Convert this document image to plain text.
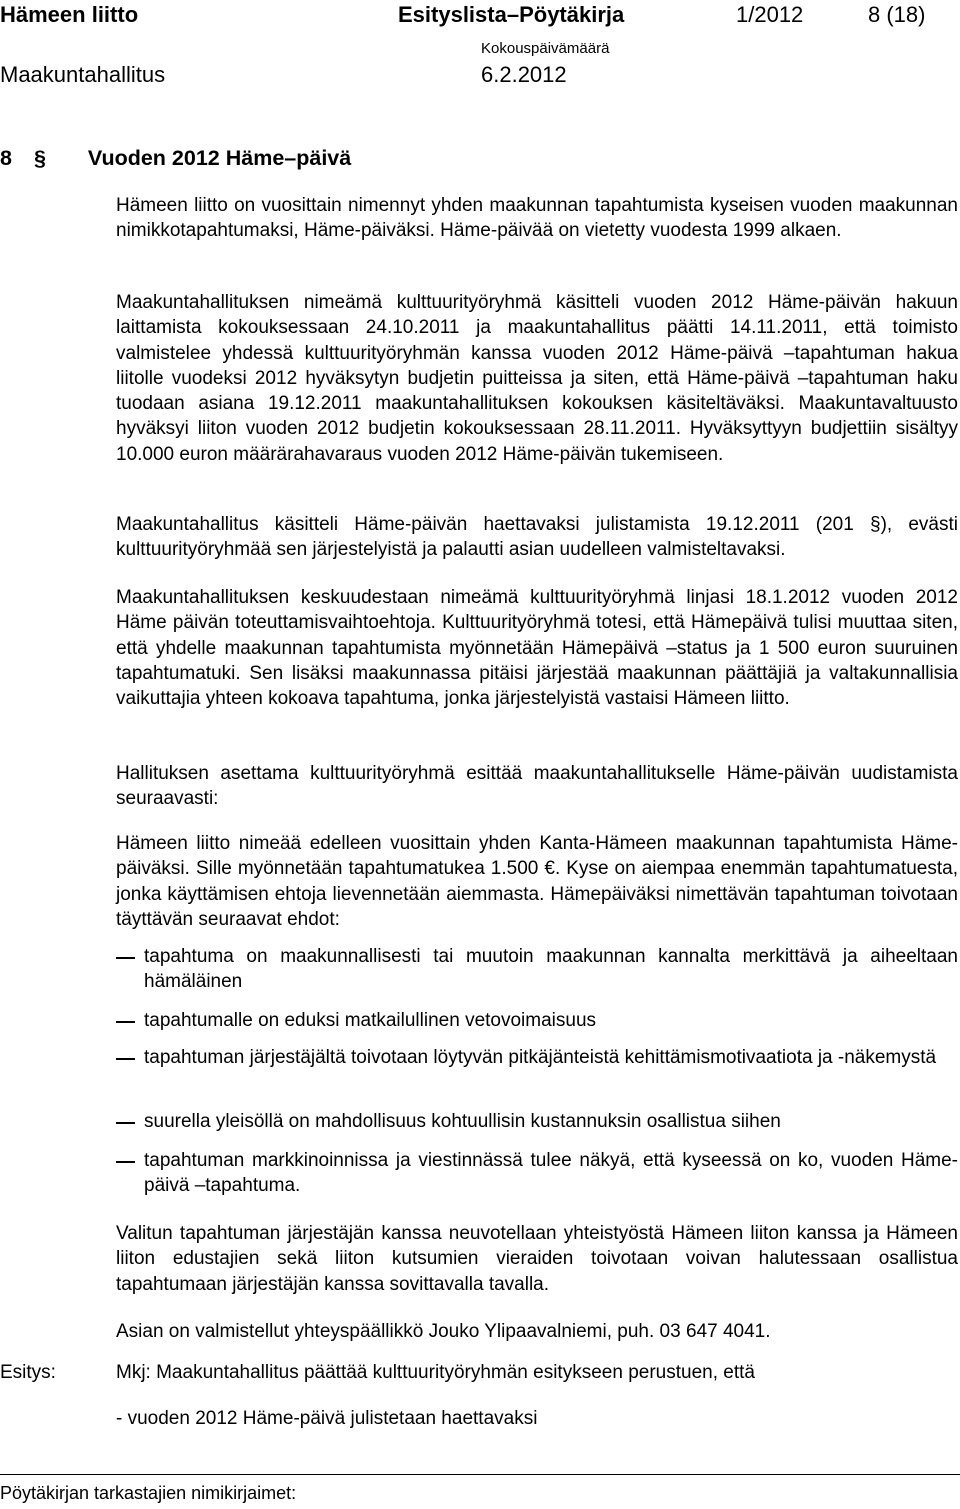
Hämeen liitto	Esityslista–Pöytäkirja	1/2012	8 (18)
Maakuntahallitus
Kokouspäivämäärä
6.2.2012
8 § Vuoden 2012 Häme–päivä

Hämeen liitto on vuosittain nimennyt yhden maakunnan tapahtumista kyseisen vuoden maakunnan nimikkotapahtumaksi, Häme-päiväksi. Häme-päivää on vietetty vuodesta 1999 alkaen.

Maakuntahallituksen nimeämä kulttuurityöryhmä käsitteli vuoden 2012 Häme-päivän hakuun laittamista kokouksessaan 24.10.2011 ja maakuntahallitus päätti 14.11.2011, että toimisto valmistelee yhdessä kulttuurityöryhmän kanssa vuoden 2012 Häme-päivä –tapahtuman hakua liitolle vuodeksi 2012 hyväksytyn budjetin puitteissa ja siten, että Häme-päivä –tapahtuman haku tuodaan asiana 19.12.2011 maakuntahallituksen kokouksen käsiteltäväksi. Maakuntavaltuusto hyväksyi liiton vuoden 2012 budjetin kokouksessaan 28.11.2011. Hyväksyttyyn budjettiin sisältyy 10.000 euron määrärahavaraus vuoden 2012 Häme-päivän tukemiseen.

Maakuntahallitus käsitteli Häme-päivän haettavaksi julistamista 19.12.2011 (201 §), evästi kulttuurityöryhmää sen järjestelyistä ja palautti asian uudelleen valmisteltavaksi.

Maakuntahallituksen keskuudestaan nimeämä kulttuurityöryhmä linjasi 18.1.2012 vuoden 2012 Häme päivän toteuttamisvaihtoehtoja. Kulttuurityöryhmä totesi, että Hämepäivä tulisi muuttaa siten, että yhdelle maakunnan tapahtumista myönnetään Hämepäivä –status ja 1 500 euron suuruinen tapahtumatuki. Sen lisäksi maakunnassa pitäisi järjestää maakunnan päättäjiä ja valtakunnallisia vaikuttajia yhteen kokoava tapahtuma, jonka järjestelyistä vastaisi Hämeen liitto.

Hallituksen asettama kulttuurityöryhmä esittää maakuntahallitukselle Häme-päivän uudistamista seuraavasti:

Hämeen liitto nimeää edelleen vuosittain yhden Kanta-Hämeen maakunnan tapahtumista Häme-päiväksi. Sille myönnetään tapahtumatukea 1.500 €. Kyse on aiempaa enemmän tapahtumatuesta, jonka käyttämisen ehtoja lievennetään aiemmasta. Hämepäiväksi nimettävän tapahtuman toivotaan täyttävän seuraavat ehdot:

tapahtuma on maakunnallisesti tai muutoin maakunnan kannalta merkittävä ja aiheeltaan hämäläinen
tapahtumalle on eduksi matkailullinen vetovoimaisuus
tapahtuman järjestäjältä toivotaan löytyvän pitkäjänteistä kehittämismotivaatiota ja -näkemystä
suurella yleisöllä on mahdollisuus kohtuullisin kustannuksin osallistua siihen
tapahtuman markkinoinnissa ja viestinnässä tulee näkyä, että kyseessä on ko, vuoden Häme-päivä –tapahtuma.

Valitun tapahtuman järjestäjän kanssa neuvotellaan yhteistyöstä Hämeen liiton kanssa ja Hämeen liiton edustajien sekä liiton kutsumien vieraiden toivotaan voivan halutessaan osallistua tapahtumaan järjestäjän kanssa sovittavalla tavalla.

Asian on valmistellut yhteyspäällikkö Jouko Ylipaavalniemi, puh. 03 647 4041.

Esitys:	Mkj: Maakuntahallitus päättää kulttuurityöryhmän esitykseen perustuen, että

- vuoden 2012 Häme-päivä julistetaan haettavaksi

Pöytäkirjan tarkastajien nimikirjaimet:
